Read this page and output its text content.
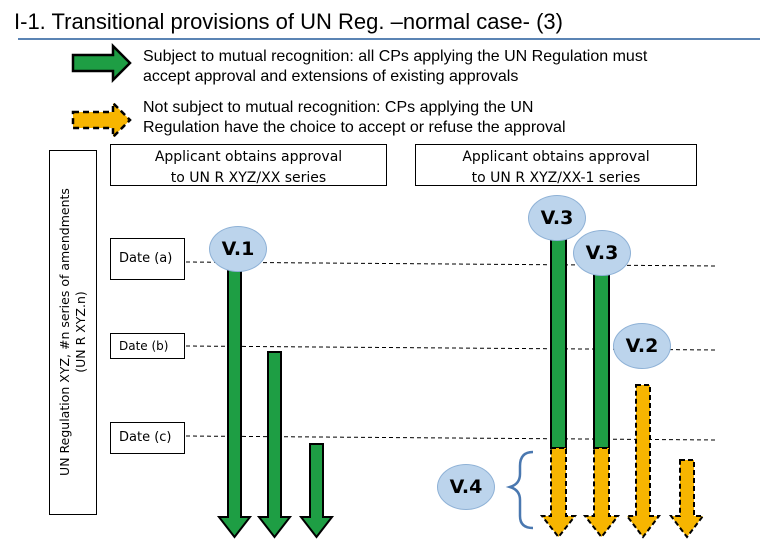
I-1. Transitional provisions of UN Reg. –normal case- (3)
Subject to mutual recognition: all CPs applying the UN Regulation must
accept approval and extensions of existing approvals
Not subject to mutual recognition: CPs applying the UN
Regulation have the choice to accept or refuse the approval
UN Regulation XYZ, #n series of amendments (UN R XYZ.n)
Applicant obtains approval
to UN R XYZ/XX series
Applicant obtains approval
to UN R XYZ/XX-1 series
Date (a)
Date (b)
Date (c)
V.1
V.3
V.3
V.2
V.4
